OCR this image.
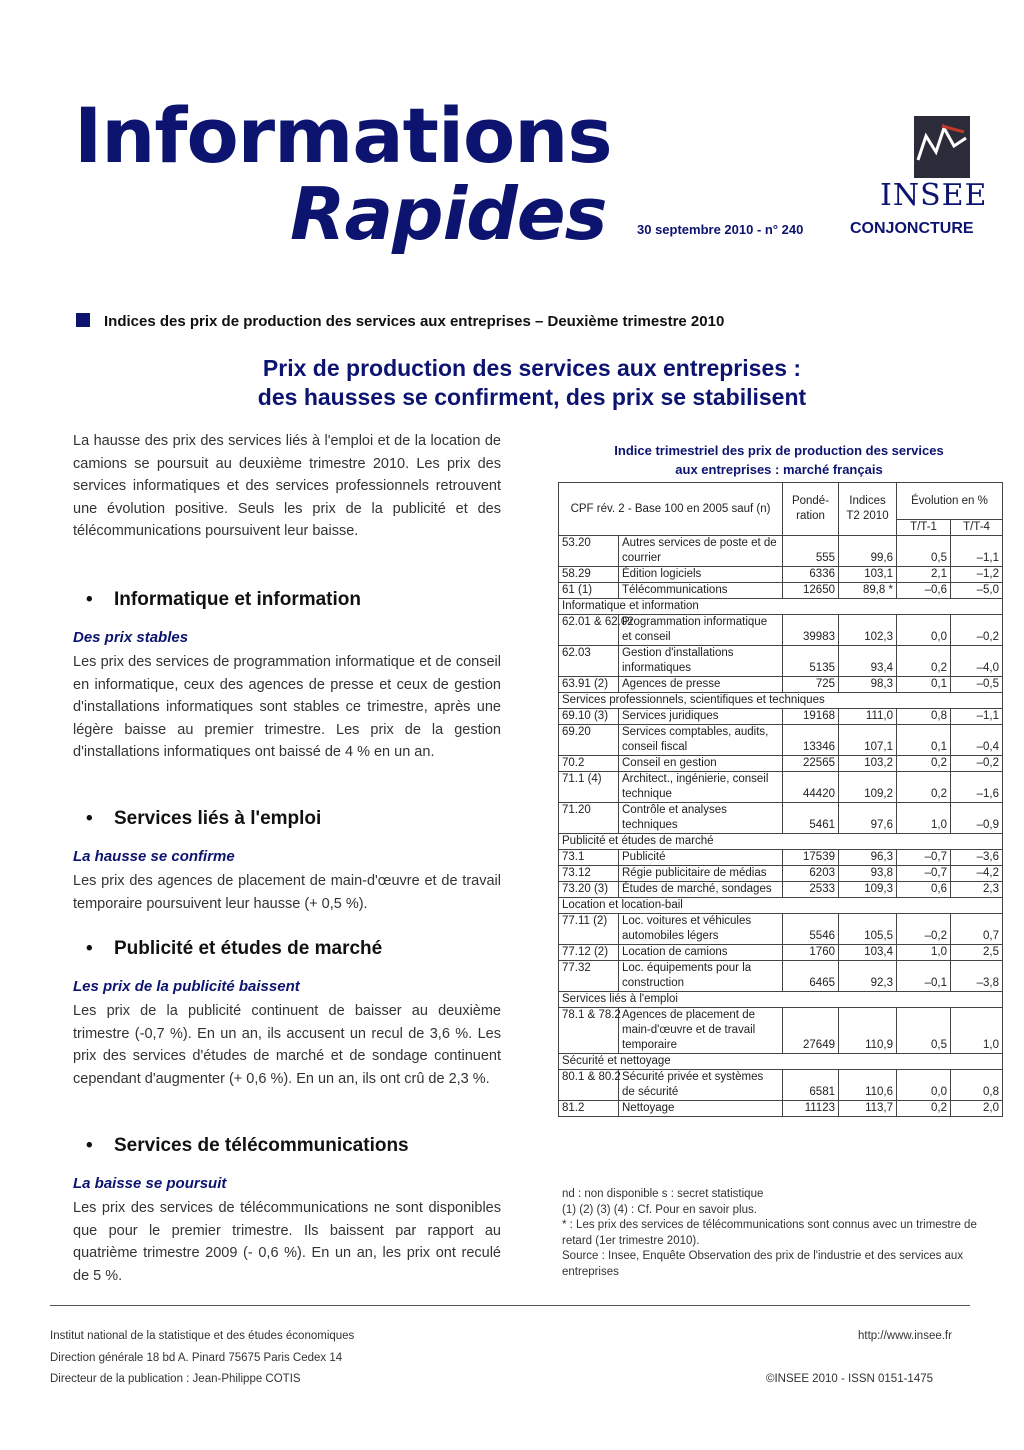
Informations
Rapides 30 septembre 2010 - n° 240
INSEE
CONJONCTURE
Indices des prix de production des services aux entreprises – Deuxième trimestre 2010
Prix de production des services aux entreprises :
des hausses se confirment, des prix se stabilisent
La hausse des prix des services liés à l'emploi et de la location de camions se poursuit au deuxième trimestre 2010. Les prix des services informatiques et des services professionnels retrouvent une évolution positive. Seuls les prix de la publicité et des télécommunications poursuivent leur baisse.
• Informatique et information
Des prix stables
Les prix des services de programmation informatique et de conseil en informatique, ceux des agences de presse et ceux de gestion d'installations informatiques sont stables ce trimestre, après une légère baisse au premier trimestre. Les prix de la gestion d'installations informatiques ont baissé de 4 % en un an.
• Services liés à l'emploi
La hausse se confirme
Les prix des agences de placement de main-d'œuvre et de travail temporaire poursuivent leur hausse (+ 0,5 %).
• Publicité et études de marché
Les prix de la publicité baissent
Les prix de la publicité continuent de baisser au deuxième trimestre (-0,7 %). En un an, ils accusent un recul de 3,6 %. Les prix des services d'études de marché et de sondage continuent cependant d'augmenter (+ 0,6 %). En un an, ils ont crû de 2,3 %.
• Services de télécommunications
La baisse se poursuit
Les prix des services de télécommunications ne sont disponibles que pour le premier trimestre. Ils baissent par rapport au quatrième trimestre 2009 (- 0,6 %). En un an, les prix ont reculé de 5 %.
Indice trimestriel des prix de production des services
aux entreprises : marché français
CPF rév. 2 - Base 100 en 2005 sauf (n)		Pondé-ration	Indices T2 2010	Évolution en %	
				T/T-1	T/T-4
53.20	Autres services de poste et de courrier	555	99,6	0,5	–1,1
58.29	Édition logiciels	6336	103,1	2,1	–1,2
61 (1)	Télécommunications	12650	89,8 *	–0,6	–5,0
Informatique et information					
62.01 & 62.02	Programmation informatique et conseil	39983	102,3	0,0	–0,2
62.03	Gestion d'installations informatiques	5135	93,4	0,2	–4,0
63.91 (2)	Agences de presse	725	98,3	0,1	–0,5
Services professionnels, scientifiques et techniques					
69.10 (3)	Services juridiques	19168	111,0	0,8	–1,1
69.20	Services comptables, audits, conseil fiscal	13346	107,1	0,1	–0,4
70.2	Conseil en gestion	22565	103,2	0,2	–0,2
71.1 (4)	Architect., ingénierie, conseil technique	44420	109,2	0,2	–1,6
71.20	Contrôle et analyses techniques	5461	97,6	1,0	–0,9
Publicité et études de marché					
73.1	Publicité	17539	96,3	–0,7	–3,6
73.12	Régie publicitaire de médias	6203	93,8	–0,7	–4,2
73.20 (3)	Études de marché, sondages	2533	109,3	0,6	2,3
Location et location-bail					
77.11 (2)	Loc. voitures et véhicules automobiles légers	5546	105,5	–0,2	0,7
77.12 (2)	Location de camions	1760	103,4	1,0	2,5
77.32	Loc. équipements pour la construction	6465	92,3	–0,1	–3,8
Services liés à l'emploi					
78.1 & 78.2	Agences de placement de main-d'œuvre et de travail temporaire	27649	110,9	0,5	1,0
Sécurité et nettoyage					
80.1 & 80.2	Sécurité privée et systèmes de sécurité	6581	110,6	0,0	0,8
81.2	Nettoyage	11123	113,7	0,2	2,0
nd : non disponible s : secret statistique
(1) (2) (3) (4) : Cf. Pour en savoir plus.
* : Les prix des services de télécommunications sont connus avec un trimestre de retard (1er trimestre 2010).
Source : Insee, Enquête Observation des prix de l'industrie et des services aux entreprises
Institut national de la statistique et des études économiques
Direction générale 18 bd A. Pinard 75675 Paris Cedex 14
Directeur de la publication : Jean-Philippe COTIS
http://www.insee.fr
©INSEE 2010 - ISSN 0151-1475
